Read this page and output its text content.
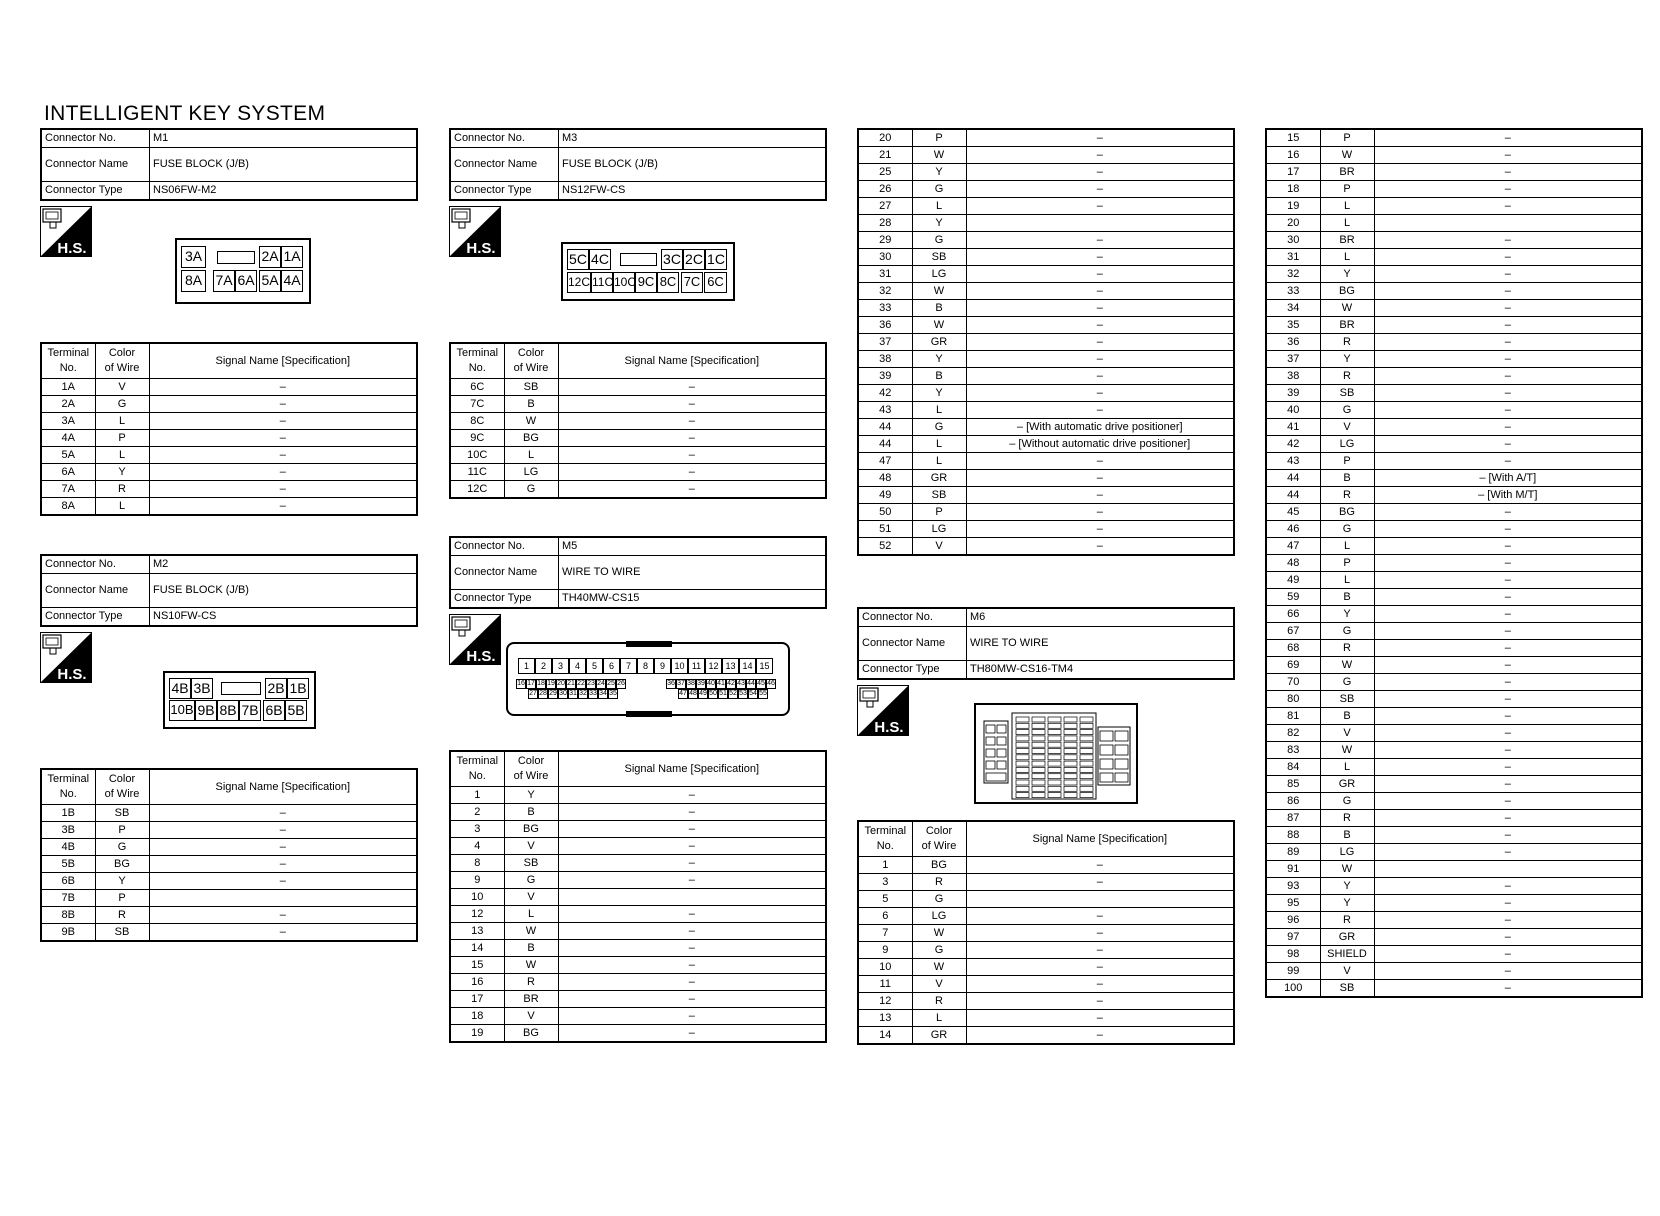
INTELLIGENT KEY SYSTEM
Connector No.	M1
Connector Name	FUSE BLOCK (J/B)
Connector Type	NS06FW-M2
H.S.	3A	2A 1A
8A 7A 6A 5A 4A
Terminal
No.	Color
of Wire	Signal Name [Specification]
1A	V	–
2A	G	–
3A	L	–
4A	P	–
5A	L	–
6A	Y	–
7A	R	–
8A	L	–
Connector No.	M2
Connector Name	FUSE BLOCK (J/B)
Connector Type	NS10FW-CS
H.S.
4B 3B	2B 1B
10B 9B 8B 7B 6B 5B
Terminal
No.	Color
of Wire	Signal Name [Specification]
1B	SB	–
3B	P	–
4B	G	–
5B	BG	–
6B	Y	–
7B	P	
8B	R	–
9B	SB	–
Connector No.	M3
Connector Name	FUSE BLOCK (J/B)
Connector Type	NS12FW-CS
H.S.
5C 4C	3C 2C 1C
12C 11C 10C 9C 8C 7C 6C
Terminal
No.	Color
of Wire	Signal Name [Specification]
6C	SB	–
7C	B	–
8C	W	–
9C	BG	–
10C	L	–
11C	LG	–
12C	G	–
Connector No.	M5
Connector Name	WIRE TO WIRE
Connector Type	TH40MW-CS15
H.S.
1	2	3	4	5	6	7	8	9	10 11 12 13 14 15
16 17 18 19 20 21 22 23 24 25 26	36 37 38 39 40 41 42 43 44 45 46
27 28 29 30 31 32 33 34 35	47 48 49 50 51 52 53 54 55
Terminal
No.	Color
of Wire	Signal Name [Specification]
1	Y	–
2	B	–
3	BG	–
4	V	–
8	SB	–
9	G	–
10	V	
12	L	–
13	W	–
14	B	–
15	W	–
16	R	–
17	BR	–
18	V	–
19	BG	–
20	P	–
21	W	–
25	Y	–
26	G	–
27	L	–
28	Y	
29	G	–
30	SB	–
31	LG	–
32	W	–
33	B	–
36	W	–
37	GR	–
38	Y	–
39	B	–
42	Y	–
43	L	–
44	G	– [With automatic drive positioner]
44	L	– [Without automatic drive positioner]
47	L	–
48	GR	–
49	SB	–
50	P	–
51	LG	–
52	V	–
Connector No.	M6
Connector Name	WIRE TO WIRE
Connector Type	TH80MW-CS16-TM4
H.S.
Terminal
No.	Color
of Wire	Signal Name [Specification]
1	BG	–
3	R	–
5	G	
6	LG	–
7	W	–
9	G	–
10	W	–
11	V	–
12	R	–
13	L	–
14	GR	–
15	P	–
16	W	–
17	BR	–
18	P	–
19	L	–
20	L	
30	BR	–
31	L	–
32	Y	–
33	BG	–
34	W	–
35	BR	–
36	R	–
37	Y	–
38	R	–
39	SB	–
40	G	–
41	V	–
42	LG	–
43	P	–
44	B	– [With A/T]
44	R	– [With M/T]
45	BG	–
46	G	–
47	L	–
48	P	–
49	L	–
59	B	–
66	Y	–
67	G	–
68	R	–
69	W	–
70	G	–
80	SB	–
81	B	–
82	V	–
83	W	–
84	L	–
85	GR	–
86	G	–
87	R	–
88	B	–
89	LG	–
91	W	
93	Y	–
95	Y	–
96	R	–
97	GR	–
98	SHIELD	–
99	V	–
100	SB	–
